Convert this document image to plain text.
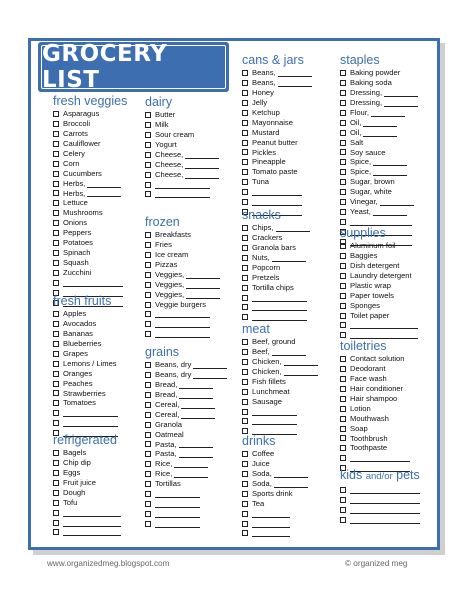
GROCERY LIST
fresh veggies
Asparagus
Broccoli
Carrots
Cauliflower
Celery
Corn
Cucumbers
Herbs,
Herbs,
Lettuce
Mushrooms
Onions
Peppers
Potatoes
Spinach
Squash
Zucchini
fresh fruits
Apples
Avocados
Bananas
Blueberries
Grapes
Lemons / Limes
Oranges
Peaches
Strawberries
Tomatoes
refrigerated
Bagels
Chip dip
Eggs
Fruit juice
Dough
Tofu
dairy
Butter
Milk
Sour cream
Yogurt
Cheese,
Cheese,
Cheese,
frozen
Breakfasts
Fries
Ice cream
Pizzas
Veggies,
Veggies,
Veggies,
Veggie burgers
grains
Beans, dry
Beans, dry
Bread,
Bread,
Cereal,
Cereal,
Granola
Oatmeal
Pasta,
Pasta,
Rice,
Rice,
Tortillas
cans & jars
Beans,
Beans,
Honey
Jelly
Ketchup
Mayonnaise
Mustard
Peanut butter
Pickles
Pineapple
Tomato paste
Tuna
snacks
Chips,
Crackers
Granola bars
Nuts,
Popcorn
Pretzels
Tortilla chips
meat
Beef, ground
Beef,
Chicken,
Chicken,
Fish fillets
Lunchmeat
Sausage
drinks
Coffee
Juice
Soda,
Soda,
Sports drink
Tea
staples
Baking powder
Baking soda
Dressing,
Dressing,
Flour,
Oil,
Oil,
Salt
Soy sauce
Spice,
Spice,
Sugar, brown
Sugar, white
Vinegar,
Yeast,
supplies
Aluminum foil
Baggies
Dish detergent
Laundry detergent
Plastic wrap
Paper towels
Sponges
Toilet paper
toiletries
Contact solution
Deodorant
Face wash
Hair conditioner
Hair shampoo
Lotion
Mouthwash
Soap
Toothbrush
Toothpaste
kids and/or pets
www.organizedmeg.blogspot.com	© organized meg
